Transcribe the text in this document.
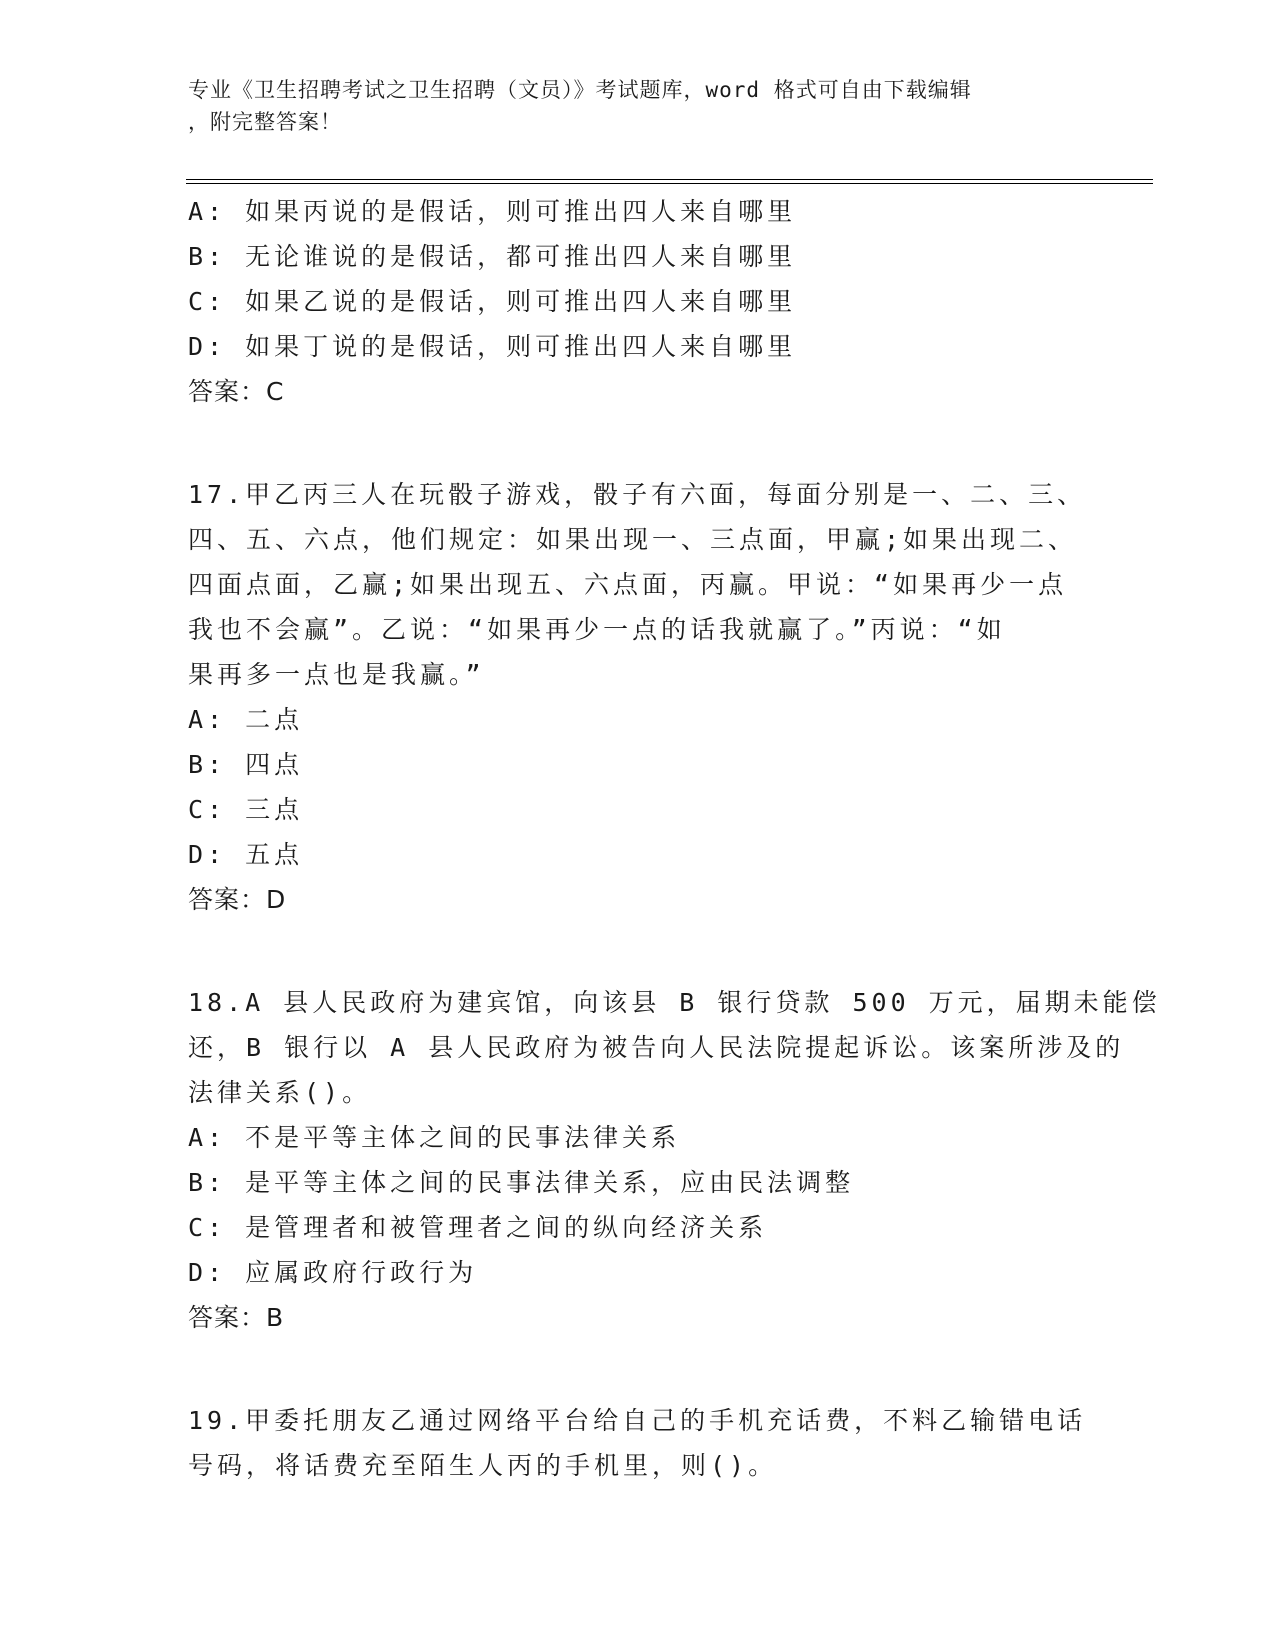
专业《卫生招聘考试之卫生招聘（文员）》考试题库，word 格式可自由下载编辑
，附完整答案！
A: 如果丙说的是假话，则可推出四人来自哪里
B: 无论谁说的是假话，都可推出四人来自哪里
C: 如果乙说的是假话，则可推出四人来自哪里
D: 如果丁说的是假话，则可推出四人来自哪里
答案：C
17.甲乙丙三人在玩骰子游戏，骰子有六面，每面分别是一、二、三、
四、五、六点，他们规定：如果出现一、三点面，甲赢;如果出现二、
四面点面，乙赢;如果出现五、六点面，丙赢。甲说：“如果再少一点
我也不会赢”。乙说：“如果再少一点的话我就赢了。”丙说：“如
果再多一点也是我赢。”
A: 二点
B: 四点
C: 三点
D: 五点
答案：D
18.A 县人民政府为建宾馆，向该县 B 银行贷款 500 万元，届期未能偿
还，B 银行以 A 县人民政府为被告向人民法院提起诉讼。该案所涉及的
法律关系()。
A: 不是平等主体之间的民事法律关系
B: 是平等主体之间的民事法律关系，应由民法调整
C: 是管理者和被管理者之间的纵向经济关系
D: 应属政府行政行为
答案：B
19.甲委托朋友乙通过网络平台给自己的手机充话费，不料乙输错电话
号码，将话费充至陌生人丙的手机里，则()。
